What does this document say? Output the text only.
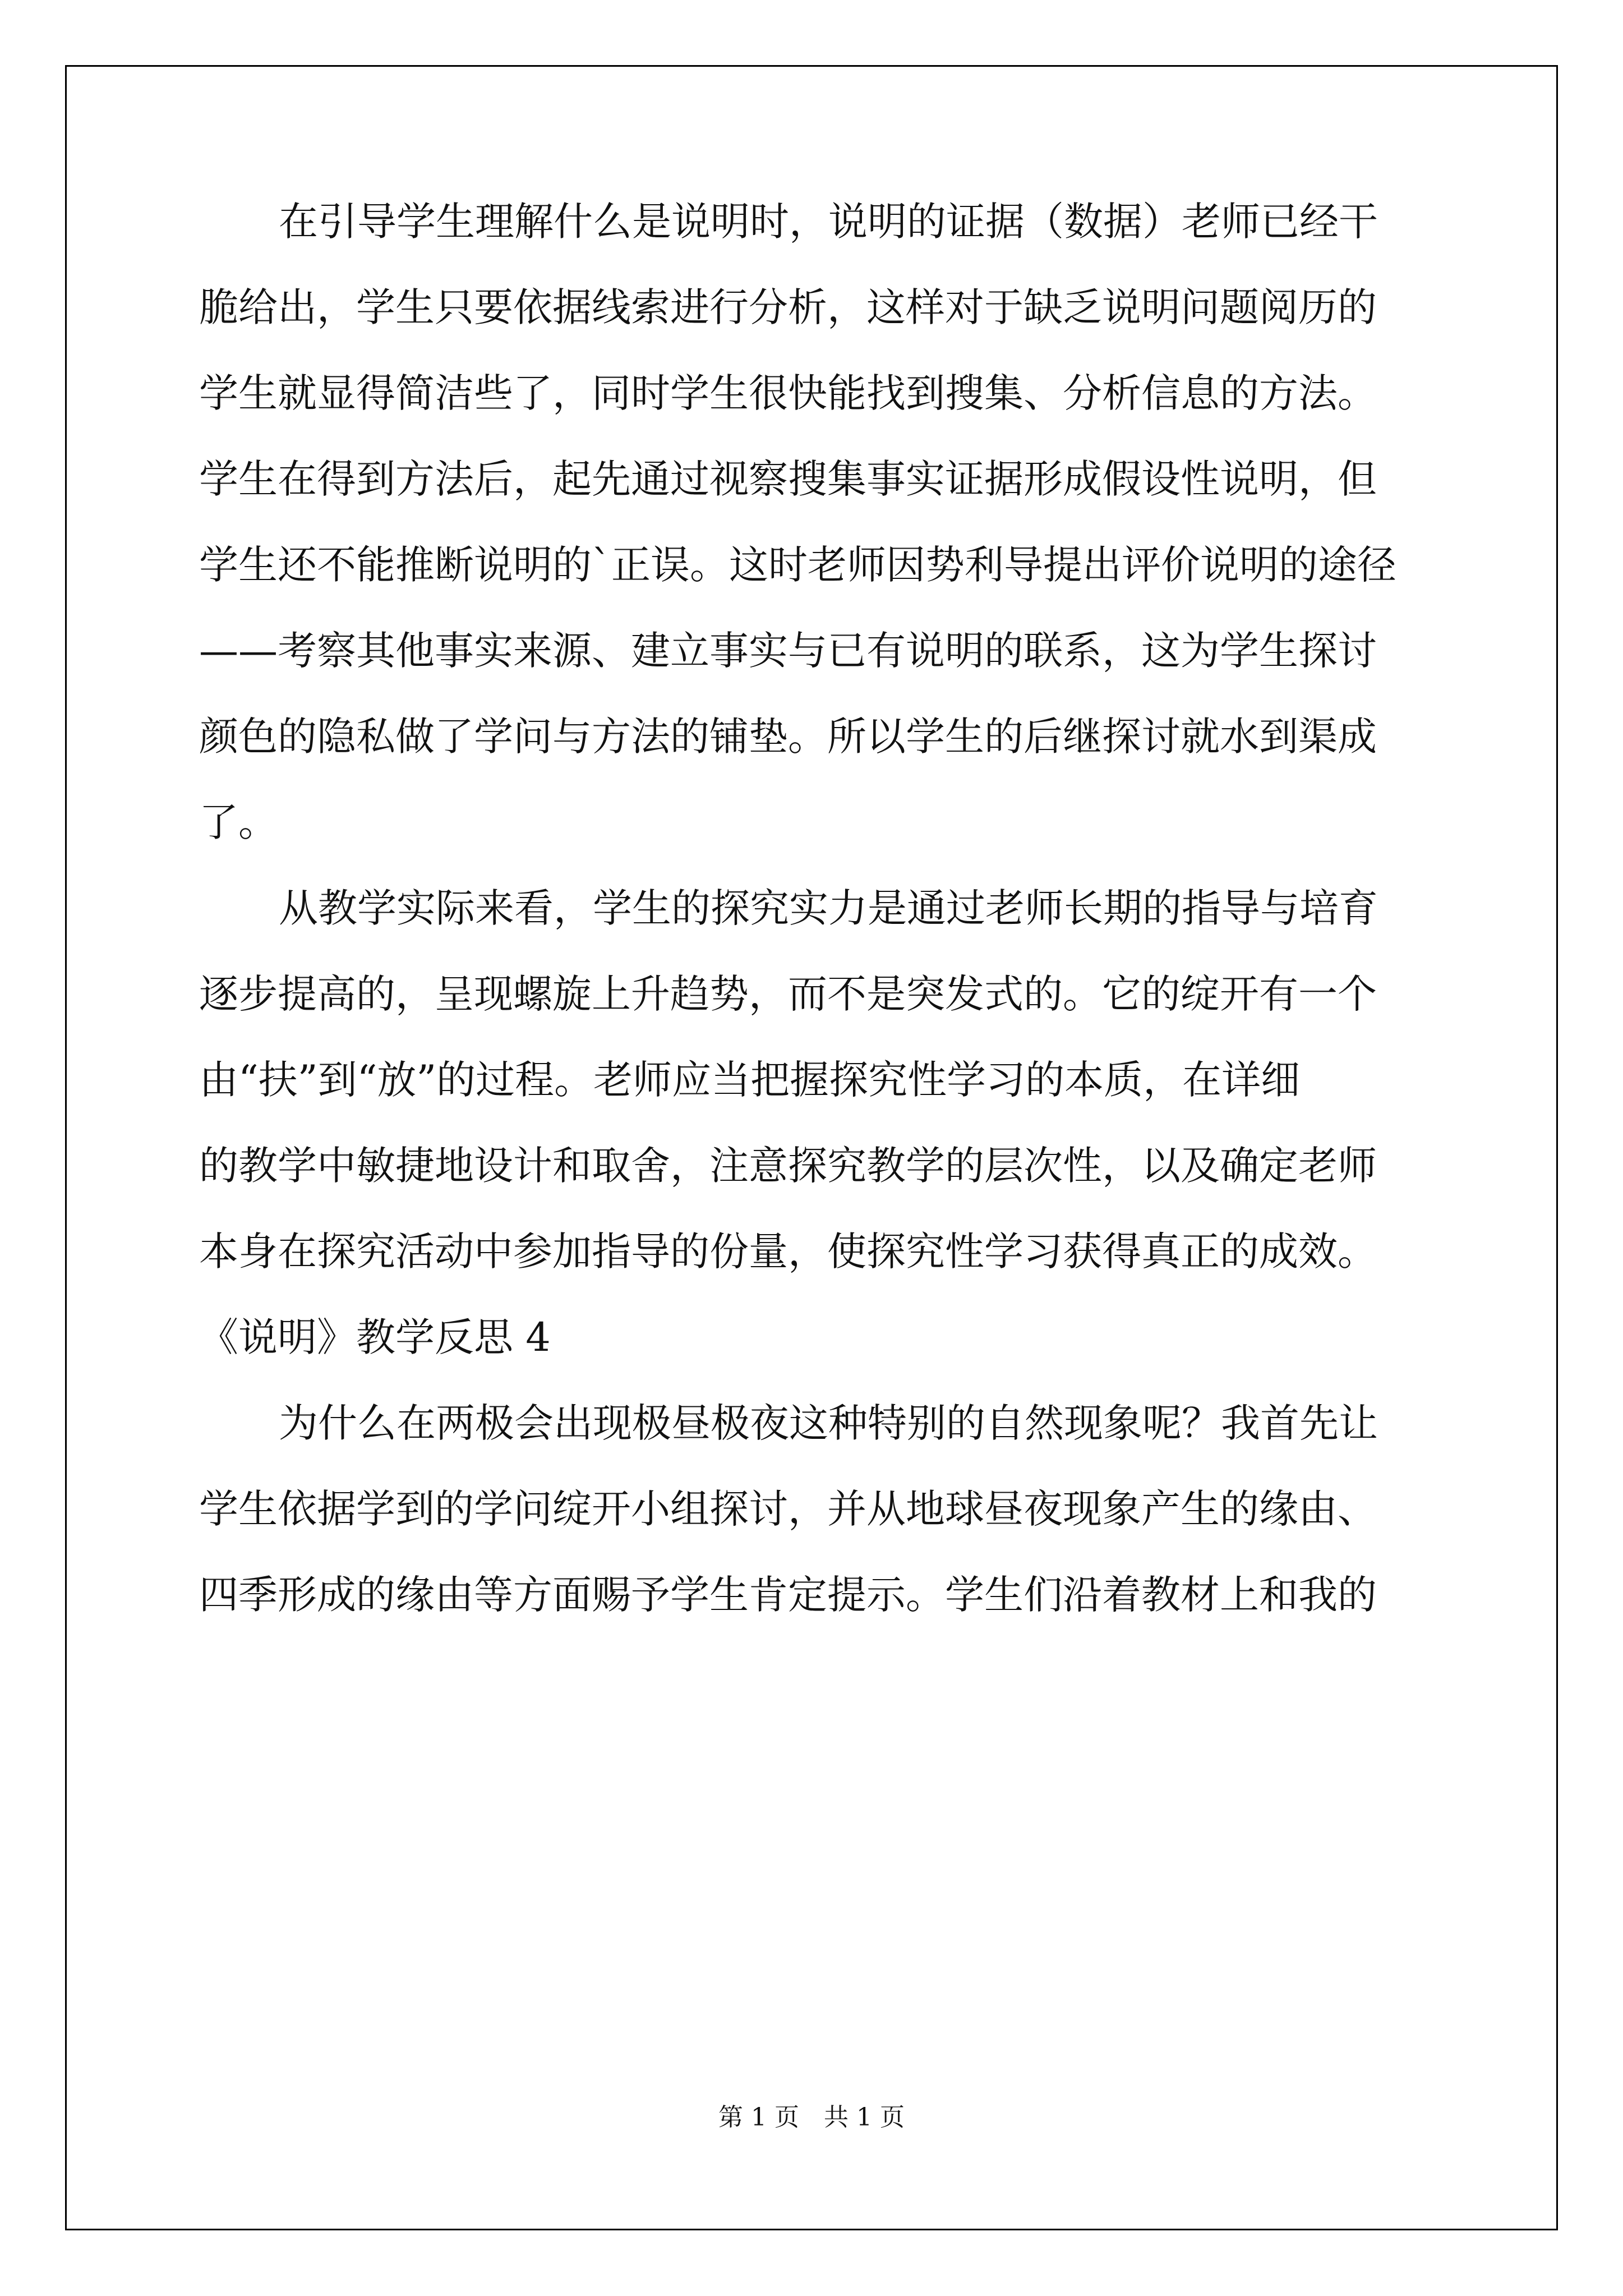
在引导学生理解什么是说明时，说明的证据（数据）老师已经干
脆给出，学生只要依据线索进行分析，这样对于缺乏说明问题阅历的
学生就显得简洁些了，同时学生很快能找到搜集、分析信息的方法。
学生在得到方法后，起先通过视察搜集事实证据形成假设性说明，但
学生还不能推断说明的`正误。这时老师因势利导提出评价说明的途径
——考察其他事实来源、建立事实与已有说明的联系，这为学生探讨
颜色的隐私做了学问与方法的铺垫。所以学生的后继探讨就水到渠成
了。
从教学实际来看，学生的探究实力是通过老师长期的指导与培育
逐步提高的，呈现螺旋上升趋势，而不是突发式的。它的绽开有一个
由“扶”到“放”的过程。老师应当把握探究性学习的本质，在详细
的教学中敏捷地设计和取舍，注意探究教学的层次性，以及确定老师
本身在探究活动中参加指导的份量，使探究性学习获得真正的成效。
《说明》教学反思 4
为什么在两极会出现极昼极夜这种特别的自然现象呢？我首先让
学生依据学到的学问绽开小组探讨，并从地球昼夜现象产生的缘由、
四季形成的缘由等方面赐予学生肯定提示。学生们沿着教材上和我的
第 1 页　共 1 页
